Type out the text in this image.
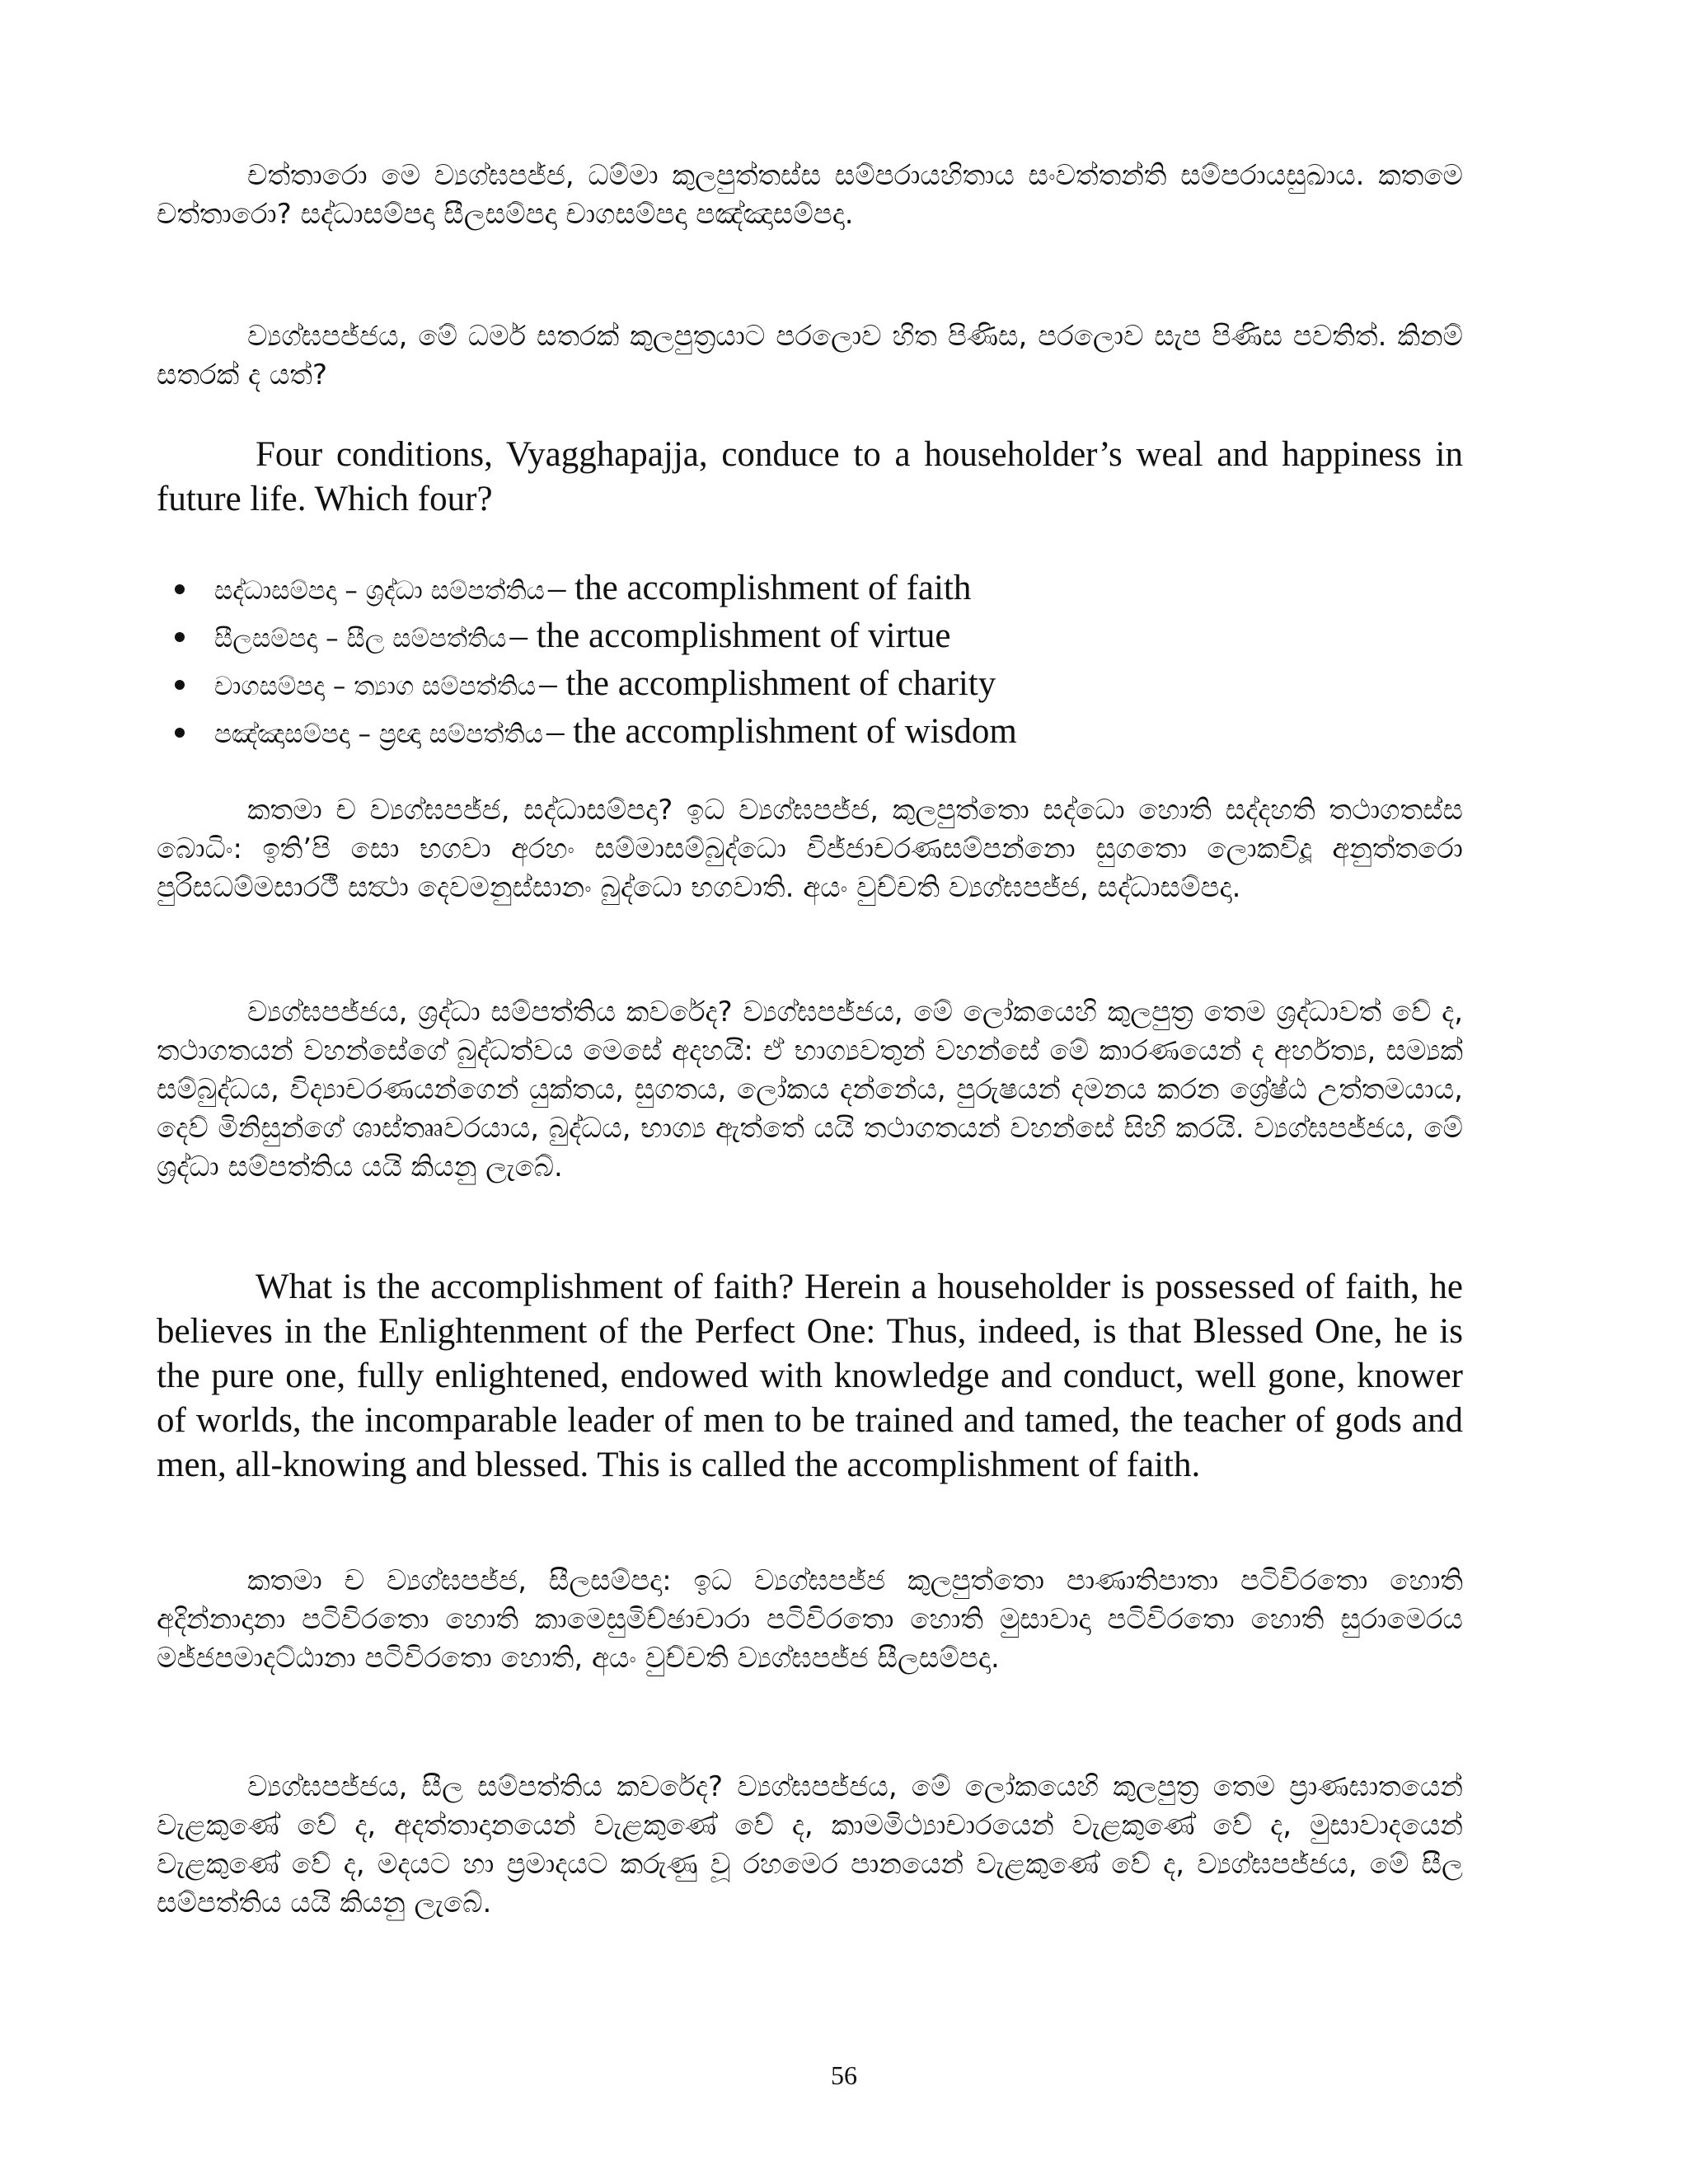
චත්තාරො මෙ ව්‍යග්ඝපජ්ජ, ධම්මා කුලපුත්තස්ස සම්පරායහිතාය සංවත්තන්ති සම්පරායසුඛාය. කතමෙ චත්තාරො? සද්ධාසම්පදා සීලසම්පදා චාගසම්පදා පඤ්ඤාසම්පදා.

ව්‍යග්ඝපජ්ජය, මේ ධර්ම සතරක් කුලපුත්‍රයාට පරලොව හිත පිණිස, පරලොව සැප පිණිස පවතිත්. කිනම් සතරක් ද යත්?

Four conditions, Vyagghapajja, conduce to a householder’s weal and happiness in future life. Which four?

සද්ධාසම්පදා – ශ්‍රද්ධා සම්පත්තිය – the accomplishment of faith
සීලසම්පදා – සීල සම්පත්තිය – the accomplishment of virtue
චාගසම්පදා – ත්‍යාග සම්පත්තිය – the accomplishment of charity
පඤ්ඤාසම්පදා – ප්‍රඥා සම්පත්තිය – the accomplishment of wisdom

කතමා ච ව්‍යග්ඝපජ්ජ, සද්ධාසම්පදා? ඉධ ව්‍යග්ඝපජ්ජ, කුලපුත්තො සද්ධො හොති සද්දහති තථාගතස්ස බොධිං: ඉති’පි සො භගවා අරහං සම්මාසම්බුද්ධො විජ්ජාචරණසම්පන්නො සුගතො ලොකවිදූ අනුත්තරො පුරිසධම්මසාරථී සත්‍ථා දෙවමනුස්සානං බුද්ධො භගවාති. අයං වුච්චති ව්‍යග්ඝපජ්ජ, සද්ධාසම්පදා.

ව්‍යග්ඝපජ්ජය, ශ්‍රද්ධා සම්පත්තිය කවරේද? ව්‍යග්ඝපජ්ජය, මේ ලෝකයෙහි කුලපුත්‍ර තෙම ශ්‍රද්ධාවත් වේ ද, තථාගතයන් වහන්සේගේ බුද්ධත්වය මෙසේ අදහයි: ඒ භාග්‍යවතුන් වහන්සේ මේ කාරණයෙන් ද අර්හත්‍ය, සම්‍යක් සම්බුද්ධය, විද්‍යාචරණයන්ගෙන් යුක්තය, සුගතය, ලෝකය දන්නේය, පුරුෂයන් දමනය කරන ශ්‍රේෂ්ඨ උත්තමයාය, දෙව් මිනිසුන්ගේ ශාස්තෲවරයාය, බුද්ධය, භාග්‍ය ඇත්තේ යයි තථාගතයන් වහන්සේ සිහි කරයි. ව්‍යග්ඝපජ්ජය, මේ ශ්‍රද්ධා සම්පත්තිය යයි කියනු ලැබේ.

What is the accomplishment of faith? Herein a householder is possessed of faith, he believes in the Enlightenment of the Perfect One: Thus, indeed, is that Blessed One, he is the pure one, fully enlightened, endowed with knowledge and conduct, well gone, knower of worlds, the incomparable leader of men to be trained and tamed, the teacher of gods and men, all-knowing and blessed. This is called the accomplishment of faith.

කතමා ච ව්‍යග්ඝපජ්ජ, සීලසම්පදා: ඉධ ව්‍යග්ඝපජ්ජ කුලපුත්තො පාණාතිපාතා පටිවිරතො හොති අදින්නාදානා පටිවිරතො හොති කාමෙසුමිච්ඡාචාරා පටිවිරතො හොති මුසාවාදා පටිවිරතො හොති සුරාමෙරය මජ්ජපමාදට්ඨානා පටිවිරතො හොති, අයං වුච්චති ව්‍යග්ඝපජ්ජ සීලසම්පදා.

ව්‍යග්ඝපජ්ජය, සීල සම්පත්තිය කවරේද? ව්‍යග්ඝපජ්ජය, මේ ලෝකයෙහි කුලපුත්‍ර තෙම ප්‍රාණඝාතයෙන් වැළකුණේ වේ ද, අදත්තාදානයෙන් වැළකුණේ වේ ද, කාමමිථ්‍යාචාරයෙන් වැළකුණේ වේ ද, මුසාවාදයෙන් වැළකුණේ වේ ද, මදයට හා ප්‍රමාදයට කරුණු වූ රහමෙර පානයෙන් වැළකුණේ වේ ද, ව්‍යග්ඝපජ්ජය, මේ සීල සම්පත්තිය යයි කියනු ලැබේ.

56
